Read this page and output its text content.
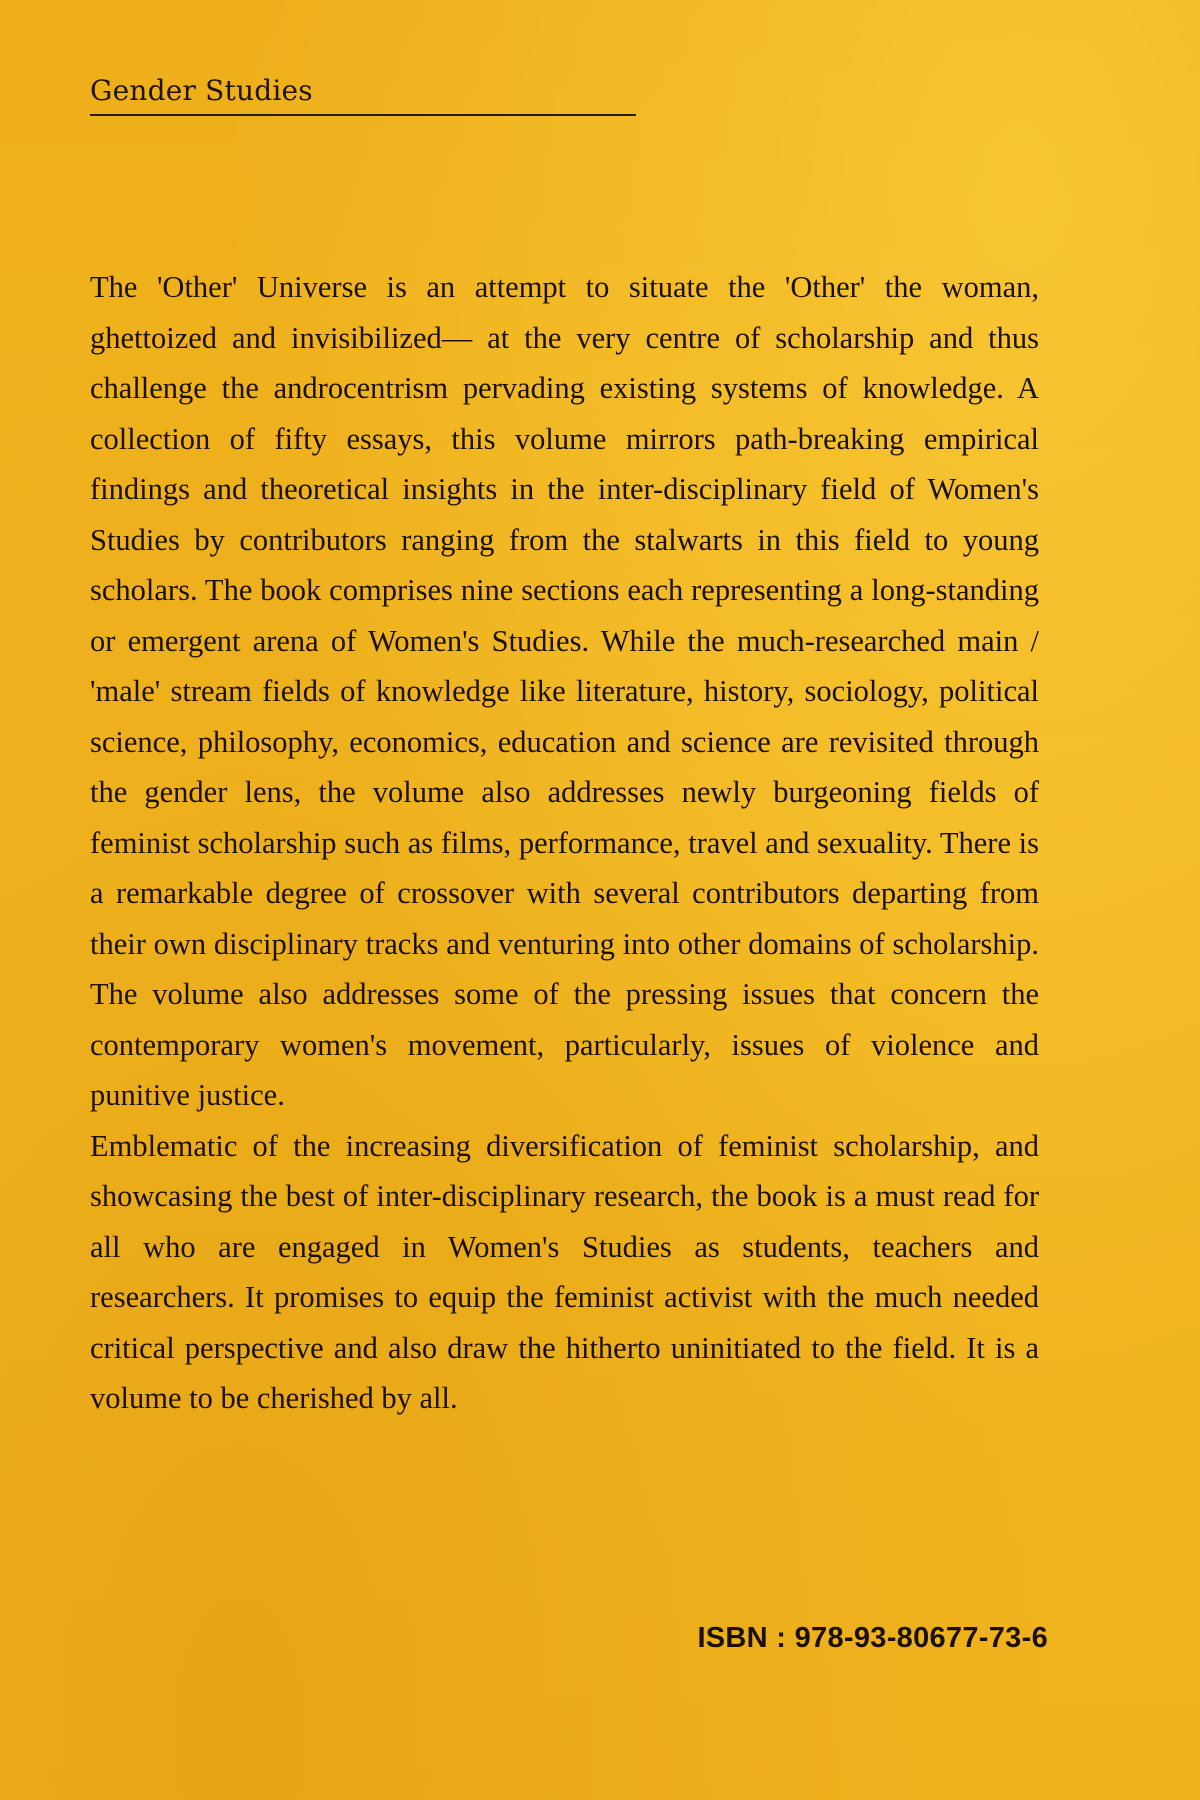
Gender Studies

The 'Other' Universe is an attempt to situate the 'Other' the woman, ghettoized and invisibilized— at the very centre of scholarship and thus challenge the androcentrism pervading existing systems of knowledge. A collection of fifty essays, this volume mirrors path-breaking empirical findings and theoretical insights in the inter-disciplinary field of Women's Studies by contributors ranging from the stalwarts in this field to young scholars. The book comprises nine sections each representing a long-standing or emergent arena of Women's Studies. While the much-researched main / 'male' stream fields of knowledge like literature, history, sociology, political science, philosophy, economics, education and science are revisited through the gender lens, the volume also addresses newly burgeoning fields of feminist scholarship such as films, performance, travel and sexuality. There is a remarkable degree of crossover with several contributors departing from their own disciplinary tracks and venturing into other domains of scholarship. The volume also addresses some of the pressing issues that concern the contemporary women's movement, particularly, issues of violence and punitive justice.

Emblematic of the increasing diversification of feminist scholarship, and showcasing the best of inter-disciplinary research, the book is a must read for all who are engaged in Women's Studies as students, teachers and researchers. It promises to equip the feminist activist with the much needed critical perspective and also draw the hitherto uninitiated to the field. It is a volume to be cherished by all.

ISBN : 978-93-80677-73-6
